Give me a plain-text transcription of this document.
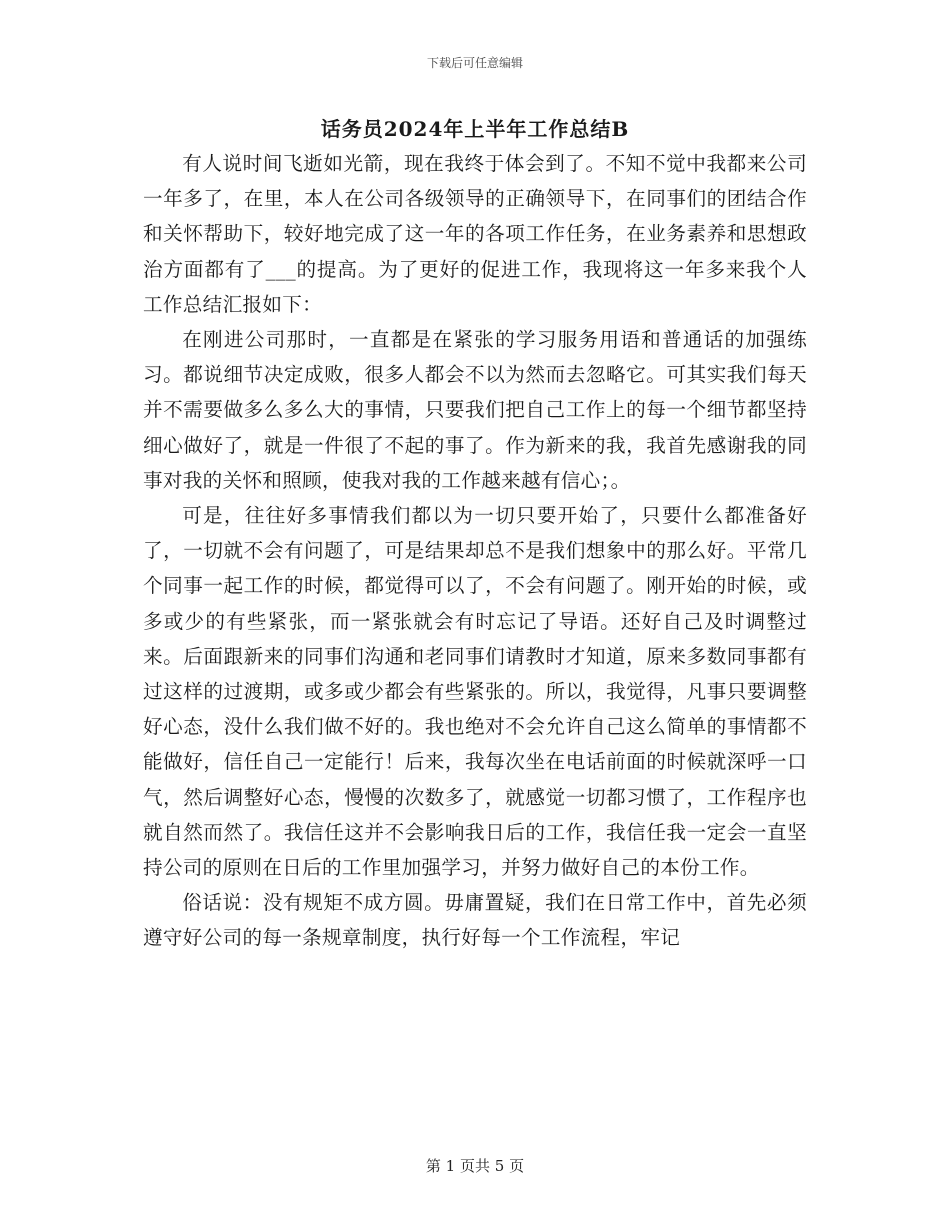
下载后可任意编辑
话务员2024年上半年工作总结B

有人说时间飞逝如光箭，现在我终于体会到了。不知不觉中我都来公司一年多了，在里，本人在公司各级领导的正确领导下，在同事们的团结合作和关怀帮助下，较好地完成了这一年的各项工作任务，在业务素养和思想政治方面都有了___的提高。为了更好的促进工作，我现将这一年多来我个人工作总结汇报如下：

在刚进公司那时，一直都是在紧张的学习服务用语和普通话的加强练习。都说细节决定成败，很多人都会不以为然而去忽略它。可其实我们每天并不需要做多么多么大的事情，只要我们把自己工作上的每一个细节都坚持细心做好了，就是一件很了不起的事了。作为新来的我，我首先感谢我的同事对我的关怀和照顾，使我对我的工作越来越有信心；。

可是，往往好多事情我们都以为一切只要开始了，只要什么都准备好了，一切就不会有问题了，可是结果却总不是我们想象中的那么好。平常几个同事一起工作的时候，都觉得可以了，不会有问题了。刚开始的时候，或多或少的有些紧张，而一紧张就会有时忘记了导语。还好自己及时调整过来。后面跟新来的同事们沟通和老同事们请教时才知道，原来多数同事都有过这样的过渡期，或多或少都会有些紧张的。所以，我觉得，凡事只要调整好心态，没什么我们做不好的。我也绝对不会允许自己这么简单的事情都不能做好，信任自己一定能行！后来，我每次坐在电话前面的时候就深呼一口气，然后调整好心态，慢慢的次数多了，就感觉一切都习惯了，工作程序也就自然而然了。我信任这并不会影响我日后的工作，我信任我一定会一直坚持公司的原则在日后的工作里加强学习，并努力做好自己的本份工作。

俗话说：没有规矩不成方圆。毋庸置疑，我们在日常工作中，首先必须遵守好公司的每一条规章制度，执行好每一个工作流程，牢记

第 1 页共 5 页
